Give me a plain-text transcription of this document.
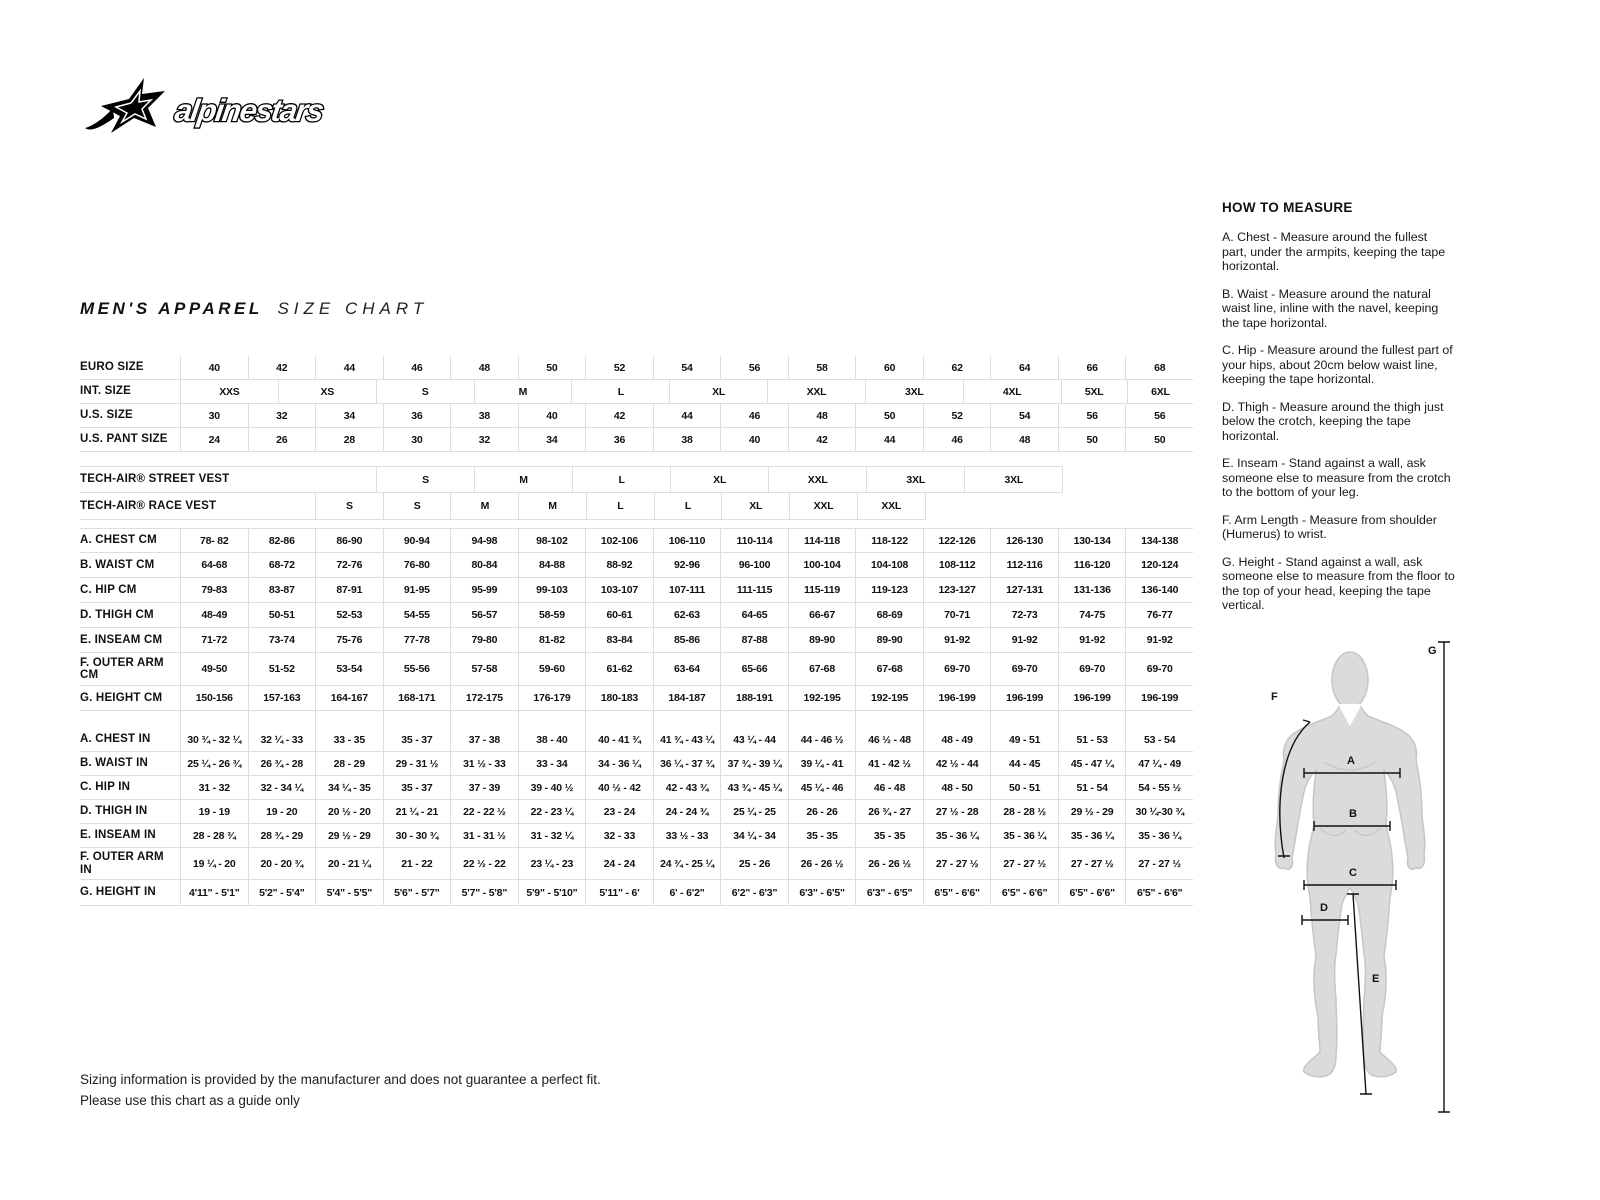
alpinestars
MEN'S APPAREL SIZE CHART
EURO SIZE	40	42	44	46	48	50	52	54	56	58	60	62	64	66	68
INT. SIZE	XXS	XS	S	M	L	XL	XXL	3XL	4XL	5XL	6XL
U.S. SIZE	30	32	34	36	38	40	42	44	46	48	50	52	54	56	56
U.S. PANT SIZE	24	26	28	30	32	34	36	38	40	42	44	46	48	50	50
TECH-AIR® STREET VEST	S	M	L	XL	XXL	3XL	3XL
TECH-AIR® RACE VEST	S	S	M	M	L	L	XL	XXL	XXL
A. CHEST CM	78- 82	82-86	86-90	90-94	94-98	98-102	102-106	106-110	110-114	114-118	118-122	122-126	126-130	130-134	134-138
B. WAIST CM	64-68	68-72	72-76	76-80	80-84	84-88	88-92	92-96	96-100	100-104	104-108	108-112	112-116	116-120	120-124
C. HIP CM	79-83	83-87	87-91	91-95	95-99	99-103	103-107	107-111	111-115	115-119	119-123	123-127	127-131	131-136	136-140
D. THIGH CM	48-49	50-51	52-53	54-55	56-57	58-59	60-61	62-63	64-65	66-67	68-69	70-71	72-73	74-75	76-77
E. INSEAM CM	71-72	73-74	75-76	77-78	79-80	81-82	83-84	85-86	87-88	89-90	89-90	91-92	91-92	91-92	91-92
F. OUTER ARM CM	49-50	51-52	53-54	55-56	57-58	59-60	61-62	63-64	65-66	67-68	67-68	69-70	69-70	69-70	69-70
G. HEIGHT CM	150-156	157-163	164-167	168-171	172-175	176-179	180-183	184-187	188-191	192-195	192-195	196-199	196-199	196-199	196-199
A. CHEST IN	30 ¾ - 32 ¼	32 ¼ - 33	33 - 35	35 - 37	37 - 38	38 - 40	40 - 41 ¾	41 ¾ - 43 ¼	43 ¼ - 44	44 - 46 ½	46 ½ - 48	48 - 49	49 - 51	51 - 53	53 - 54
B. WAIST IN	25 ¼ - 26 ¾	26 ¾ - 28	28 - 29	29 - 31 ½	31 ½ - 33	33 - 34	34 - 36 ¼	36 ¼ - 37 ¾	37 ¾ - 39 ¼	39 ¼ - 41	41 - 42 ½	42 ½ - 44	44 - 45	45 - 47 ¼	47 ¼ - 49
C. HIP IN	31 - 32	32 - 34 ¼	34 ¼ - 35	35 - 37	37 - 39	39 - 40 ½	40 ½ - 42	42 - 43 ¾	43 ¾ - 45 ¼	45 ¼ - 46	46 - 48	48 - 50	50 - 51	51 - 54	54 - 55 ½
D. THIGH IN	19 - 19	19 - 20	20 ½ - 20	21 ¼ - 21	22 - 22 ½	22 - 23 ¼	23 - 24	24 - 24 ¾	25 ¼ - 25	26 - 26	26 ¾ - 27	27 ½ - 28	28 - 28 ½	29 ½ - 29	30 ¼-30 ¾
E. INSEAM IN	28 - 28 ¾	28 ¾ - 29	29 ½ - 29	30 - 30 ¾	31 - 31 ½	31 - 32 ¼	32 - 33	33 ½ - 33	34 ¼ - 34	35 - 35	35 - 35	35 - 36 ¼	35 - 36 ¼	35 - 36 ¼	35 - 36 ¼
F. OUTER ARM IN	19 ¼ - 20	20 - 20 ¾	20 - 21 ¼	21 - 22	22 ½ - 22	23 ¼ - 23	24 - 24	24 ¾ - 25 ¼	25 - 26	26 - 26 ½	26 - 26 ½	27 - 27 ½	27 - 27 ½	27 - 27 ½	27 - 27 ½
G. HEIGHT IN	4'11" - 5'1"	5'2" - 5'4"	5'4" - 5'5"	5'6" - 5'7"	5'7" - 5'8"	5'9" - 5'10"	5'11" - 6'	6' - 6'2"	6'2" - 6'3"	6'3" - 6'5"	6'3" - 6'5"	6'5" - 6'6"	6'5" - 6'6"	6'5" - 6'6"	6'5" - 6'6"
HOW TO MEASURE

A. Chest - Measure around the fullest part, under the armpits, keeping the tape horizontal.

B. Waist - Measure around the natural waist line, inline with the navel, keeping the tape horizontal.

C. Hip - Measure around the fullest part of your hips, about 20cm below waist line, keeping the tape horizontal.

D. Thigh - Measure around the thigh just below the crotch, keeping the tape horizontal.

E. Inseam - Stand against a wall, ask someone else to measure from the crotch to the bottom of your leg.

F. Arm Length - Measure from shoulder (Humerus) to wrist.

G. Height - Stand against a wall, ask someone else to measure from the floor to the top of your head, keeping the tape vertical.

A
B
C
D
E
F
G
Sizing information is provided by the manufacturer and does not guarantee a perfect fit.
Please use this chart as a guide only
